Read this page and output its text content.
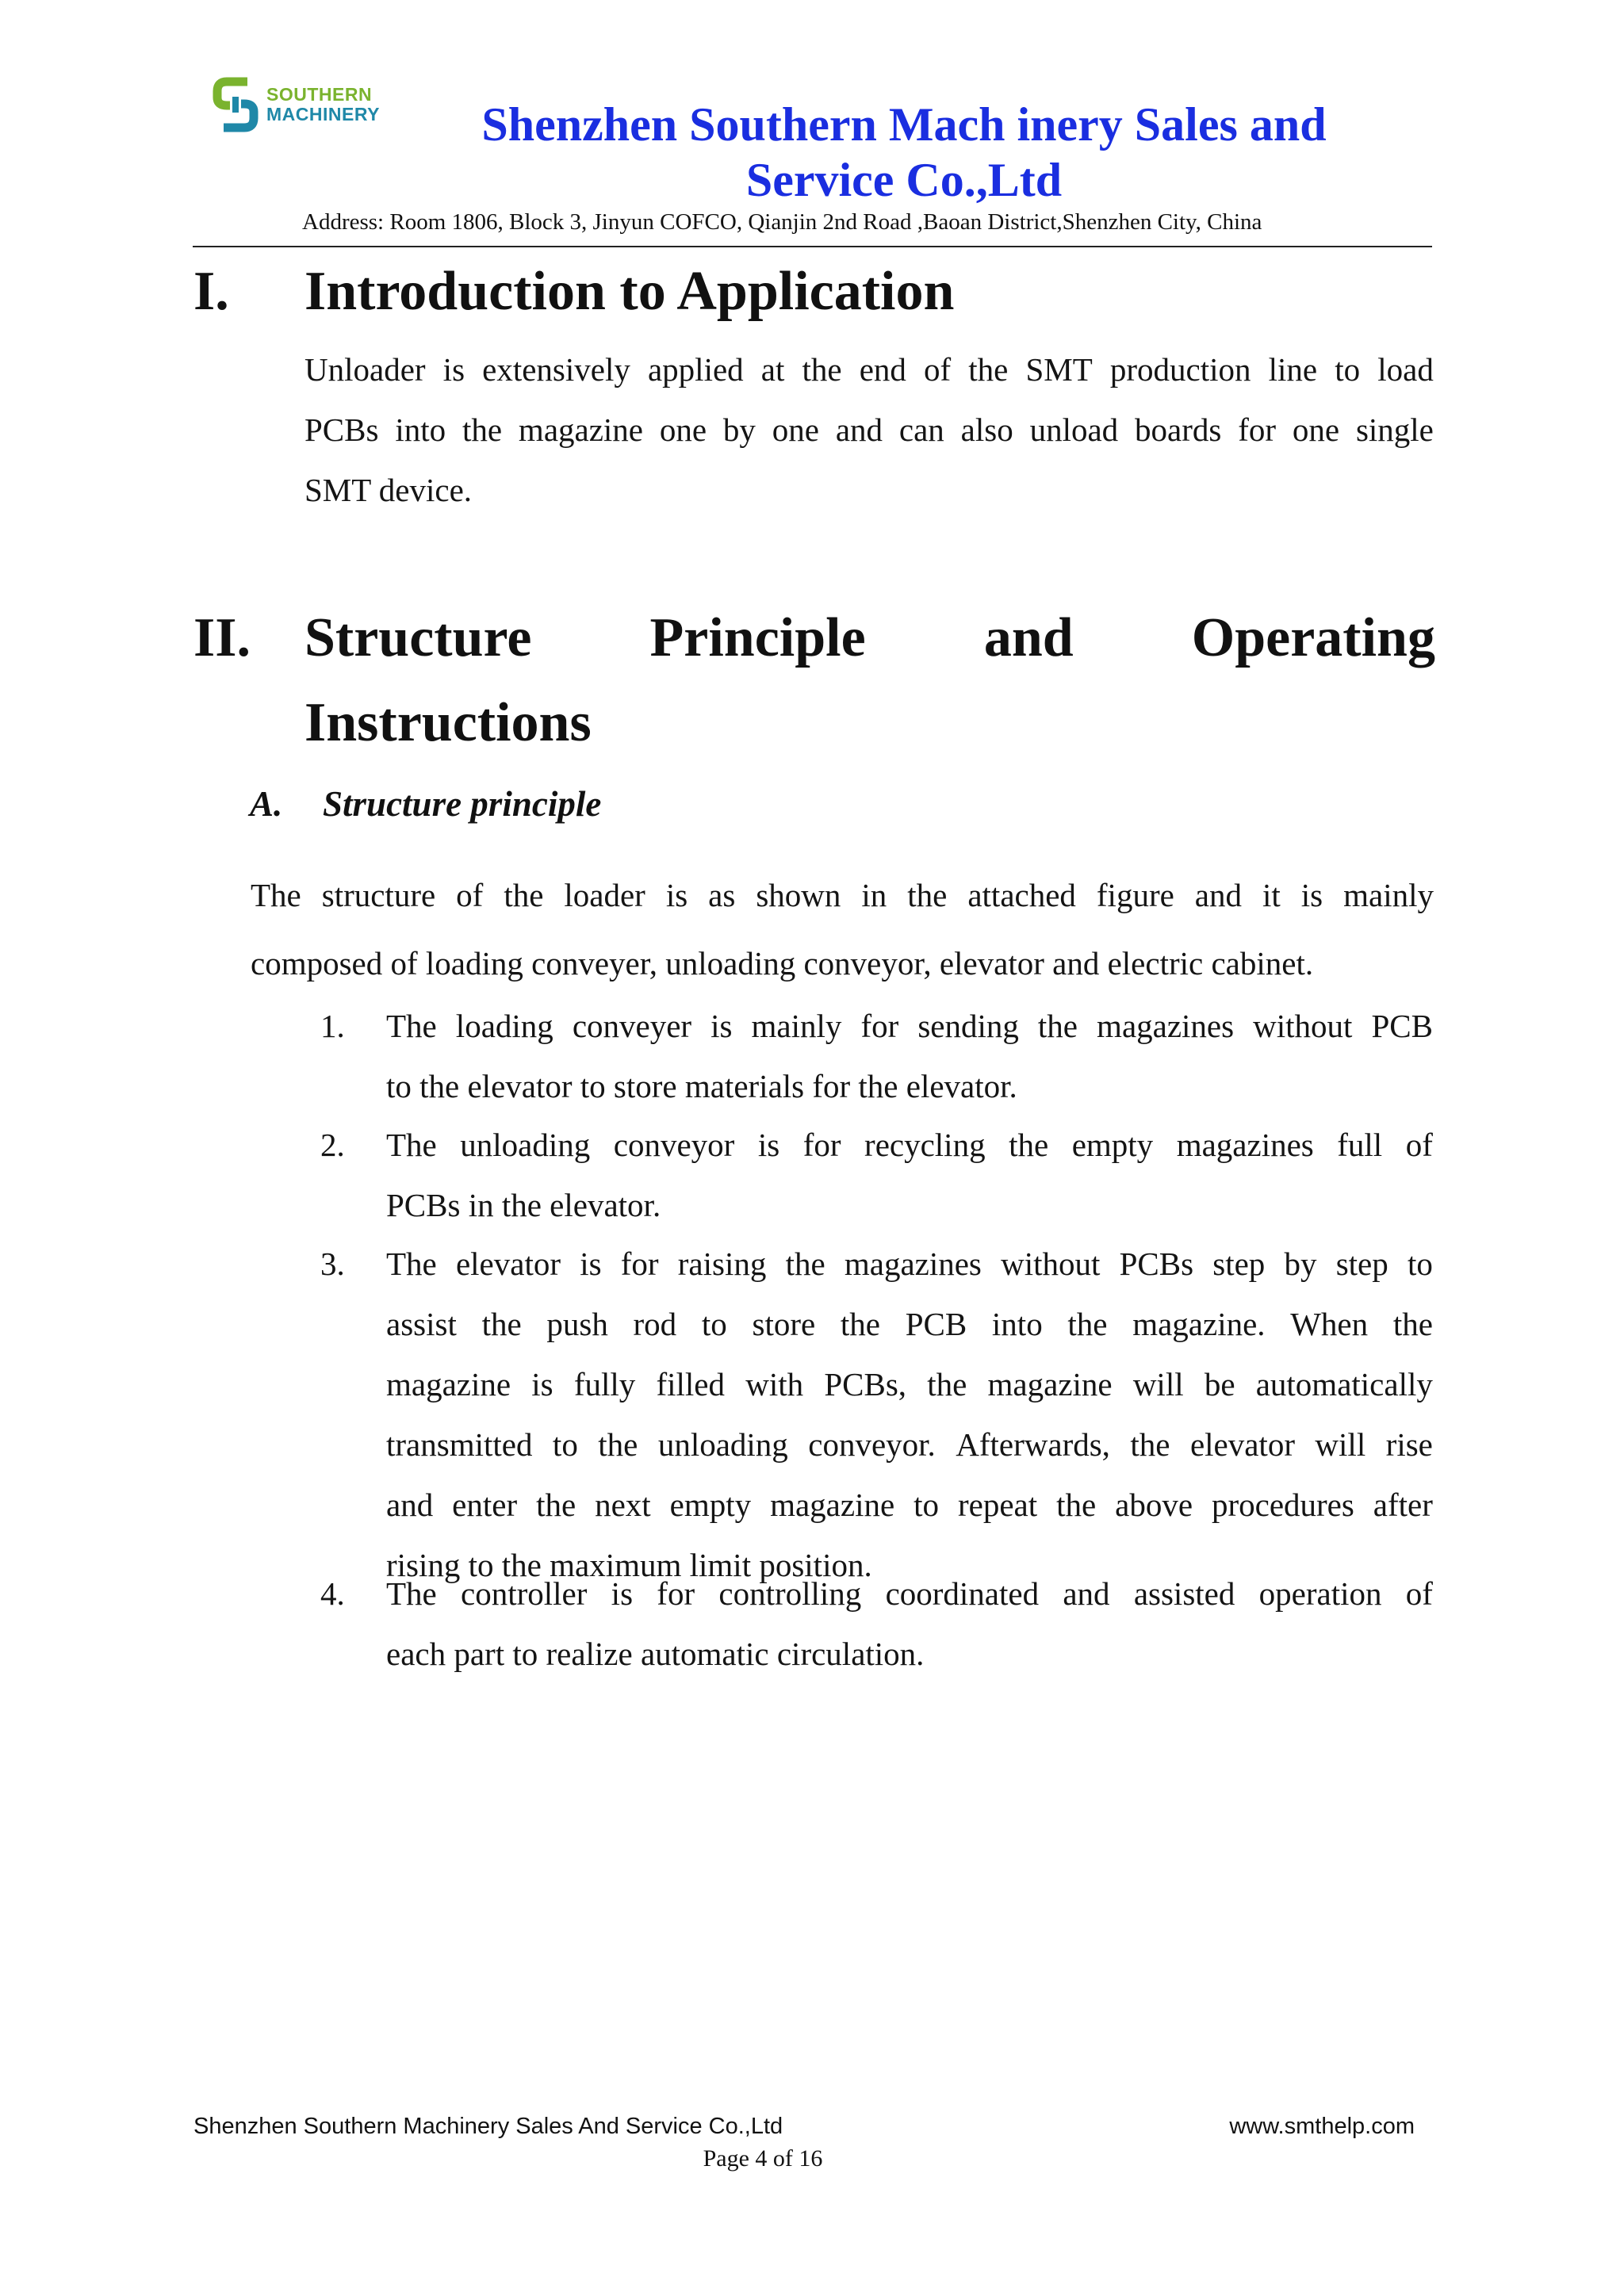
SOUTHERN
MACHINERY	Shenzhen Southern Mach inery Sales and
Service Co.,Ltd
Address: Room 1806, Block 3, Jinyun COFCO, Qianjin 2nd Road ,Baoan District,Shenzhen City, China
I. Introduction to Application
Unloader is extensively applied at the end of the SMT production line to load
PCBs into the magazine one by one and can also unload boards for one single
SMT device.
II. Structure Principle and Operating
Instructions
A. Structure principle
The structure of the loader is as shown in the attached figure and it is mainly
composed of loading conveyer, unloading conveyor, elevator and electric cabinet.
1. The loading conveyer is mainly for sending the magazines without PCB
to the elevator to store materials for the elevator.
2. The unloading conveyor is for recycling the empty magazines full of
PCBs in the elevator.
3. The elevator is for raising the magazines without PCBs step by step to
assist the push rod to store the PCB into the magazine. When the
magazine is fully filled with PCBs, the magazine will be automatically
transmitted to the unloading conveyor. Afterwards, the elevator will rise
and enter the next empty magazine to repeat the above procedures after
rising to the maximum limit position.
4. The controller is for controlling coordinated and assisted operation of
each part to realize automatic circulation.
Shenzhen Southern Machinery Sales And Service Co.,Ltd	www.smthelp.com
Page 4 of 16
